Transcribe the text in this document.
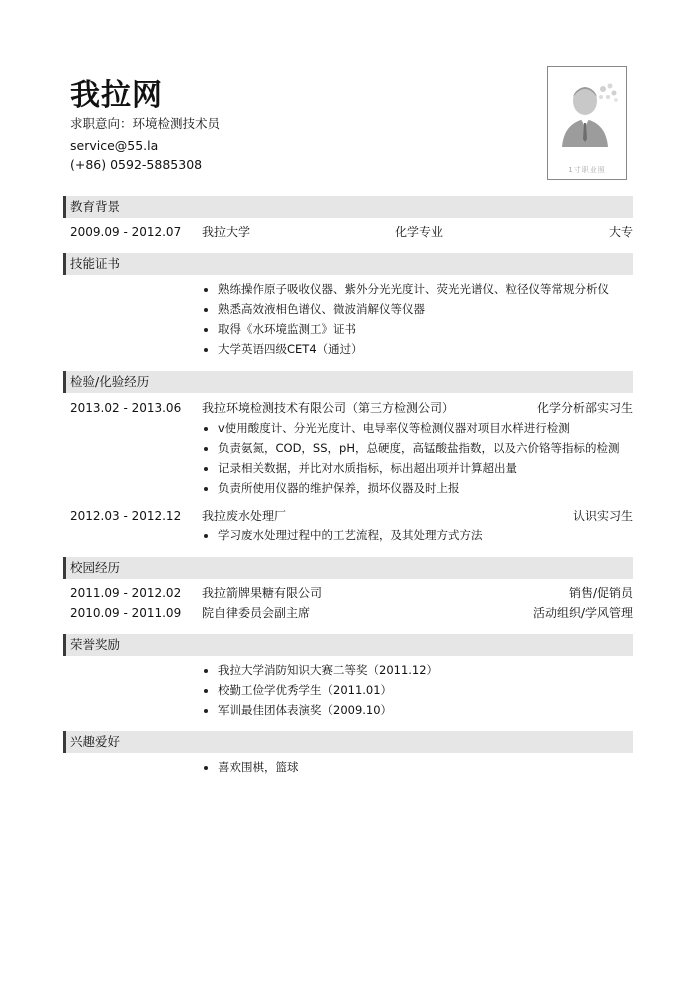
我拉网
求职意向：环境检测技术员
service@55.la
(+86) 0592-5885308	1寸职业照
教育背景
2009.09 - 2012.07 我拉大学	化学专业	大专
技能证书
熟练操作原子吸收仪器、紫外分光光度计、荧光光谱仪、粒径仪等常规分析仪
熟悉高效液相色谱仪、微波消解仪等仪器
取得《水环境监测工》证书
大学英语四级CET4（通过）
检验/化验经历
2013.02 - 2013.06 我拉环境检测技术有限公司（第三方检测公司）	化学分析部实习生
v使用酸度计、分光光度计、电导率仪等检测仪器对项目水样进行检测
负责氨氮，COD，SS，pH，总硬度，高锰酸盐指数，以及六价铬等指标的检测
记录相关数据，并比对水质指标，标出超出项并计算超出量
负责所使用仪器的维护保养，损坏仪器及时上报
2012.03 - 2012.12 我拉废水处理厂	认识实习生
学习废水处理过程中的工艺流程，及其处理方式方法
校园经历
2011.09 - 2012.02 我拉箭牌果糖有限公司	销售/促销员
2010.09 - 2011.09 院自律委员会副主席	活动组织/学风管理
荣誉奖励
我拉大学消防知识大赛二等奖（2011.12）
校勤工俭学优秀学生（2011.01）
军训最佳团体表演奖（2009.10）
兴趣爱好
喜欢围棋，篮球
